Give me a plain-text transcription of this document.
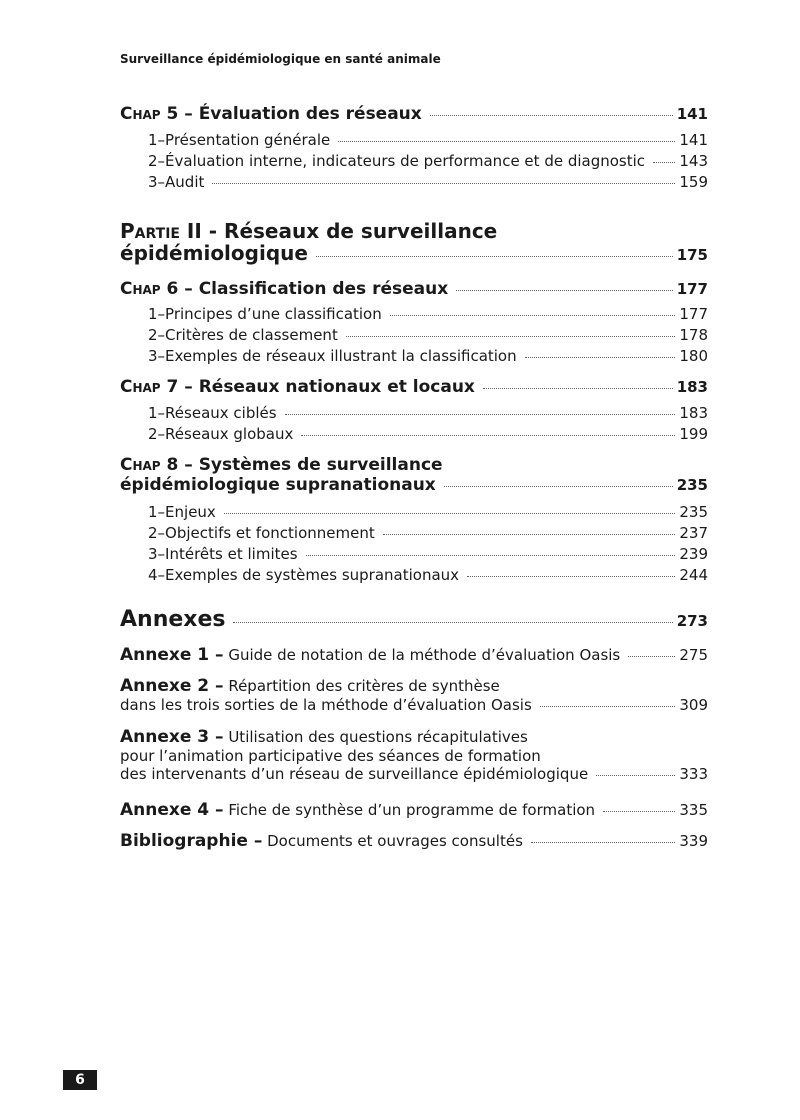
Surveillance épidémiologique en santé animale
Chap 5 – Évaluation des réseaux	141
1–Présentation générale	141
2–Évaluation interne, indicateurs de performance et de diagnostic 143
3–Audit	159
Partie II - Réseaux de surveillance
épidémiologique	175
Chap 6 – Classification des réseaux	177
1–Principes d’une classification	177
2–Critères de classement	178
3–Exemples de réseaux illustrant la classification	180
Chap 7 – Réseaux nationaux et locaux	183
1–Réseaux ciblés	183
2–Réseaux globaux	199
Chap 8 – Systèmes de surveillance
épidémiologique supranationaux	235
1–Enjeux	235
2–Objectifs et fonctionnement	237
3–Intérêts et limites	239
4–Exemples de systèmes supranationaux	244
Annexes	273
Annexe 1 – Guide de notation de la méthode d’évaluation Oasis	275
Annexe 2 – Répartition des critères de synthèse
dans les trois sorties de la méthode d’évaluation Oasis	309
Annexe 3 – Utilisation des questions récapitulatives
pour l’animation participative des séances de formation
des intervenants d’un réseau de surveillance épidémiologique	333
Annexe 4 – Fiche de synthèse d’un programme de formation	335
Bibliographie – Documents et ouvrages consultés	339
6
